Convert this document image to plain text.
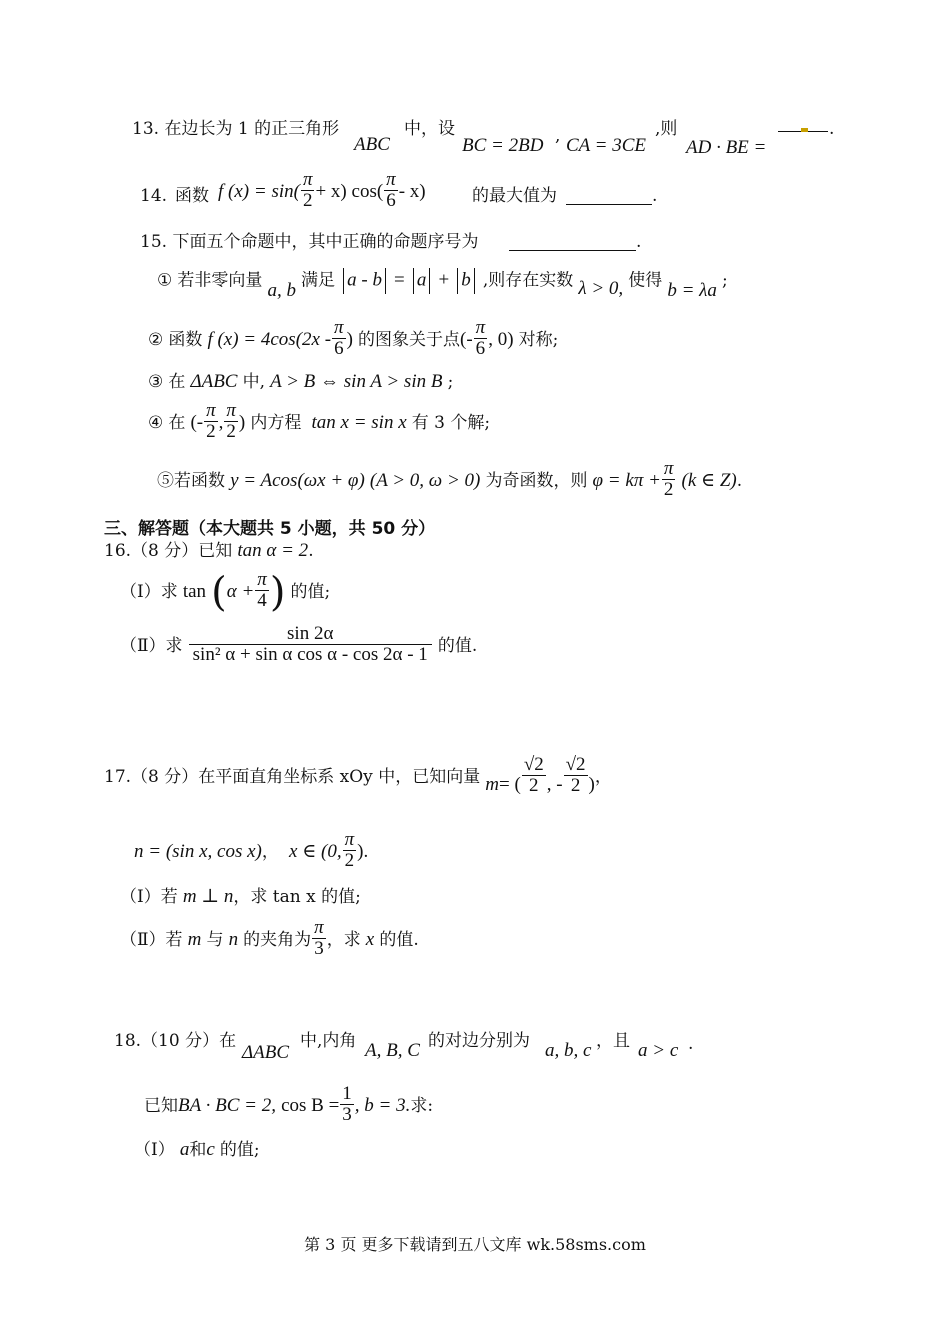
13. 在边长为 1 的正三角形
ABC
中，设
BC = 2BD , CA = 3CE
,则
AD · BE =
.
14. 函数 f $(x) = \sin( \frac{\pi}{2} + x)$ $\cos( \frac{\pi}{6} - x)$	的最大值为	.
15. 下面五个命题中，其中正确的命题序号为	.
① 若非零向量 a, b 满足 a - b = a + b ,则存在实数 λ > 0, 使得 b = λa ;
② 函数 f $(x) = 4\cos(2x - \frac{\pi}{6}$ ) 的图象关于点(- $\frac{\pi}{6}$ , 0) 对称;
③ 在 ΔABC 中, A > B ⇔ sin A > sin B ;
④ 在 (- $\frac{\pi}{2}$ , $\frac{\pi}{2}$ ) 内方程 tan x = sin x 有 3 个解;
⑤若函数 y = Acos(ωx + φ) (A > 0, ω > 0) 为奇函数，则 $\varphi = k\pi + \frac{\pi}{2} (k$ ∈ Z).
三、解答题（本大题共 5 小题，共 50 分）
16.（8 分）已知 tan α = 2.
（Ⅰ）求 $\tan (\alpha + \frac{\pi}{4}$ ) 的值;
（Ⅱ）求 $\frac{\sin 2\alpha}{\text{sin² α + sin α cos α - cos 2α - 1}}$ 的值.
17.（8 分）在平面直角坐标系 xOy 中，已知向量 m= ( $\frac{√2}{2}$ , - $\frac{√2}{2}$ )，
n = (sin x, cos x)， x ∈ (0, $\frac{\pi}{2}$ ).
（Ⅰ）若 m ⊥ n，求 tan x 的值;
（Ⅱ）若 m 与 n 的夹角为 $\frac{\pi}{3}$ ，求 x 的值.
18.（10 分）在
ΔABC
中,内角 A, B, C 的对边分别为 a, b, c ，且 a > c .
已知BA · BC = 2, $\cos B = \frac{1}{3}$ , b = 3.求:
（Ⅰ） a和c 的值;
第 3 页 更多下载请到五八文库 wk.58sms.com
